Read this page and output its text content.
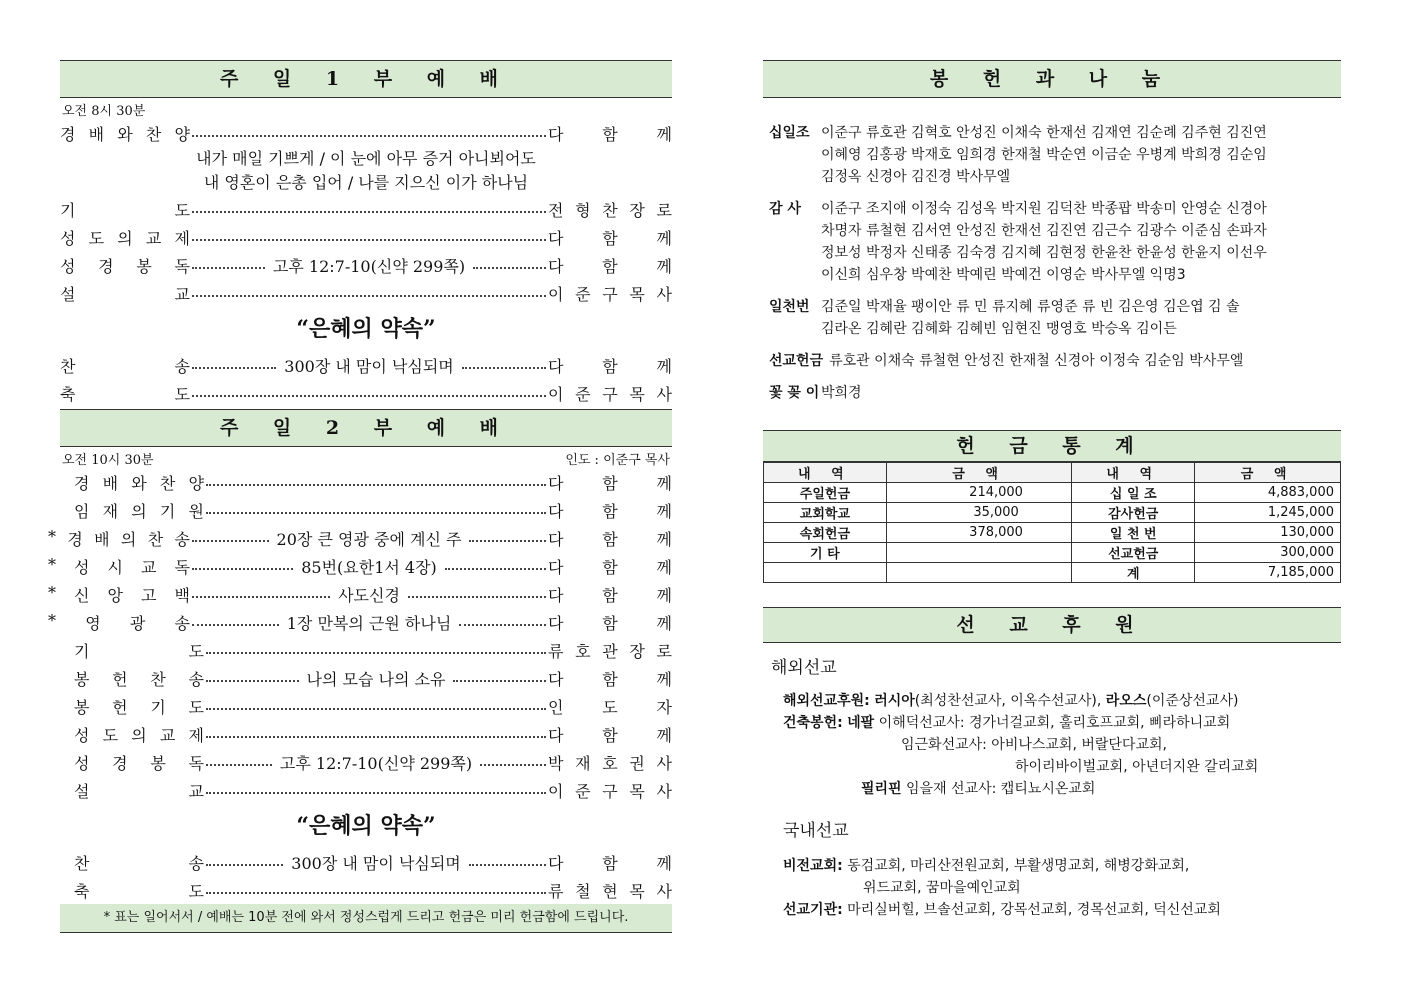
주 일 1 부 예 배
오전 8시 30분
경 배 와 찬 양	다 함 께
내가 매일 기쁘게 / 이 눈에 아무 증거 아니뵈어도
내 영혼이 은총 입어 / 나를 지으신 이가 하나님
기	도	전 형 찬 장 로
성 도 의 교 제	다 함 께
성 경 봉 독	고후 12:7-10(신약 299쪽)	다 함 께
설	교	이 준 구 목 사
“은혜의 약속”
찬	송	300장 내 맘이 낙심되며	다 함 께
축	도	이 준 구 목 사
주 일 2 부 예 배
오전 10시 30분	인도 : 이준구 목사
경 배 와 찬 양	다 함 께
임 재 의 기 원	다 함 께
* 경 배 의 찬 송	20장 큰 영광 중에 계신 주	다 함 께
* 성 시 교 독	85번(요한1서 4장)	다 함 께
* 신 앙 고 백	사도신경	다 함 께
* 영 광 송	1장 만복의 근원 하나님	다 함 께
기	도	류 호 관 장 로
봉 헌 찬 송	나의 모습 나의 소유	다 함 께
봉 헌 기 도	인 도 자
성 도 의 교 제	다 함 께
성 경 봉 독	고후 12:7-10(신약 299쪽)	박 재 호 권 사
설	교	이 준 구 목 사
“은혜의 약속”
찬	송	300장 내 맘이 낙심되며	다 함 께
축	도	류 철 현 목 사
* 표는 일어서서 / 예배는 10분 전에 와서 정성스럽게 드리고 헌금은 미리 헌금함에 드립니다.
봉 헌 과 나 눔
십일조 이준구 류호관 김혁호 안성진 이채숙 한재선 김재연 김순례 김주현 김진연
이혜영 김홍광 박재호 임희경 한재철 박순연 이금순 우병계 박희경 김순임
김정옥 신경아 김진경 박사무엘
감 사	이준구 조지애 이정숙 김성옥 박지원 김덕찬 박종팝 박송미 안영순 신경아
차명자 류철현 김서연 안성진 한재선 김진연 김근수 김광수 이준심 손파자
정보성 박정자 신태종 김숙경 김지혜 김현정 한윤찬 한윤성 한윤지 이선우
이신희 심우창 박예찬 박예린 박예건 이영순 박사무엘 익명3
일천번 김준일 박재율 팽이안 류 민 류지혜 류영준 류 빈 김은영 김은엽 김 솔
김라온 김혜란 김혜화 김혜빈 임현진 맹영호 박승옥 김이든
선교헌금 류호관 이채숙 류철현 안성진 한재철 신경아 이정숙 김순임 박사무엘
꽃 꽂 이 박희경
헌 금 통 계
내 역	금 액	내 역	금 액
주일헌금	214,000	십 일 조	4,883,000
교회학교	35,000	감사헌금	1,245,000
속회헌금	378,000	일 천 번	130,000
기 타		선교헌금	300,000
		계	7,185,000
선 교 후 원
해외선교
해외선교후원: 러시아(최성찬선교사, 이옥수선교사), 라오스(이준상선교사)
건축봉헌: 네팔 이해덕선교사: 경가너걸교회, 훌리호프교회, 삐라하니교회
임근화선교사: 아비나스교회, 버랄단다교회,
하이리바이벌교회, 아년더지완 갈리교회
필리핀 임을재 선교사: 캡티뇨시온교회
국내선교
비전교회: 동검교회, 마리산전원교회, 부활생명교회, 해병강화교회,
위드교회, 꿈마을예인교회
선교기관: 마리실버힐, 브솔선교회, 강목선교회, 경목선교회, 덕신선교회
